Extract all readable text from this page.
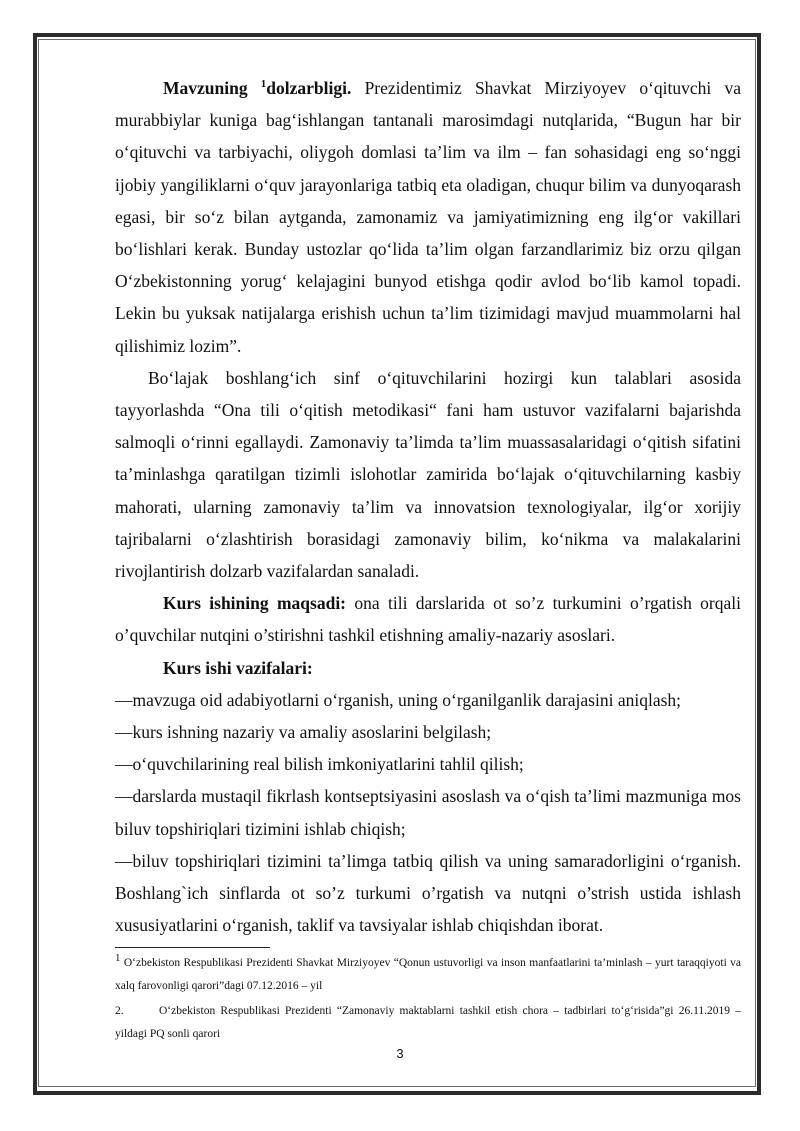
Mavzuning $^1$dolzarbligi. Prezidentimiz Shavkat Mirziyoyev o‘qituvchi va murabbiylar kuniga bag‘ishlangan tantanali marosimdagi nutqlarida, “Bugun har bir o‘qituvchi va tarbiyachi, oliygoh domlasi ta’lim va ilm – fan sohasidagi eng so‘nggi ijobiy yangiliklarni o‘quv jarayonlariga tatbiq eta oladigan, chuqur bilim va dunyoqarash egasi, bir so‘z bilan aytganda, zamonamiz va jamiyatimizning eng ilg‘or vakillari bo‘lishlari kerak. Bunday ustozlar qo‘lida ta’lim olgan farzandlarimiz biz orzu qilgan O‘zbekistonning yorug‘ kelajagini bunyod etishga qodir avlod bo‘lib kamol topadi. Lekin bu yuksak natijalarga erishish uchun ta’lim tizimidagi mavjud muammolarni hal qilishimiz lozim”.

Bo‘lajak boshlang‘ich sinf o‘qituvchilarini hozirgi kun talablari asosida tayyorlashda “Ona tili o‘qitish metodikasi“ fani ham ustuvor vazifalarni bajarishda salmoqli o‘rinni egallaydi. Zamonaviy ta’limda ta’lim muassasalaridagi o‘qitish sifatini ta’minlashga qaratilgan tizimli islohotlar zamirida bo‘lajak o‘qituvchilarning kasbiy mahorati, ularning zamonaviy ta’lim va innovatsion texnologiyalar, ilg‘or xorijiy tajribalarni o‘zlashtirish borasidagi zamonaviy bilim, ko‘nikma va malakalarini rivojlantirish dolzarb vazifalardan sanaladi.

Kurs ishining maqsadi: ona tili darslarida ot so’z turkumini o’rgatish orqali o’quvchilar nutqini o’stirishni tashkil etishning amaliy-nazariy asoslari.

Kurs ishi vazifalari:

—mavzuga oid adabiyotlarni o‘rganish, uning o‘rganilganlik darajasini aniqlash;

—kurs ishning nazariy va amaliy asoslarini belgilash;

—o‘quvchilarining real bilish imkoniyatlarini tahlil qilish;

—darslarda mustaqil fikrlash kontseptsiyasini asoslash va o‘qish ta’limi mazmuniga mos biluv topshiriqlari tizimini ishlab chiqish;

—biluv topshiriqlari tizimini ta’limga tatbiq qilish va uning samaradorligini o‘rganish. Boshlang`ich sinflarda ot so’z turkumi o’rgatish va nutqni o’strish ustida ishlash xususiyatlarini o‘rganish, taklif va tavsiyalar ishlab chiqishdan iborat.

$^1$ O‘zbekiston Respublikasi Prezidenti Shavkat Mirziyoyev “Qonun ustuvorligi va inson manfaatlarini ta’minlash – yurt taraqqiyoti va xalq farovonligi qarori”dagi 07.12.2016 – yil
2.	O‘zbekiston Respublikasi Prezidenti “Zamonaviy maktablarni tashkil etish chora – tadbirlari to‘g‘risida”gi 26.11.2019 – yildagi PQ sonli qarori
3
